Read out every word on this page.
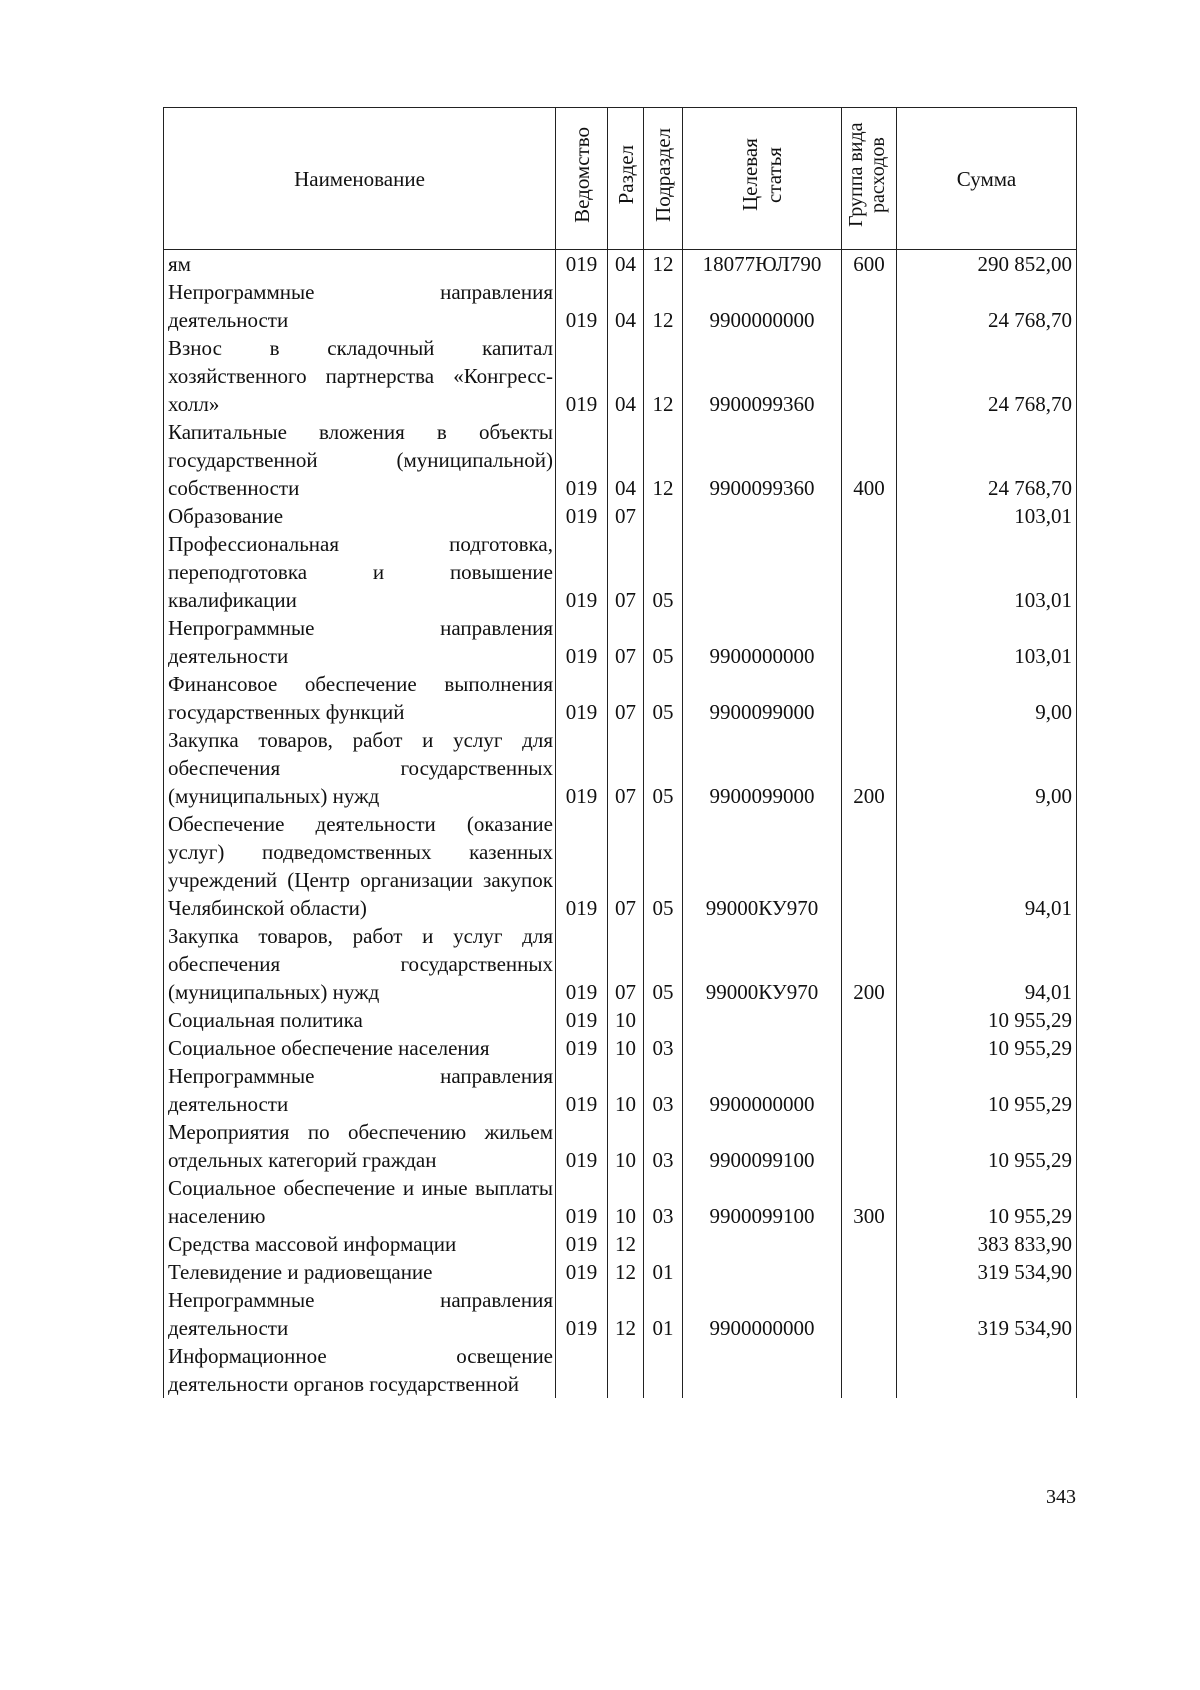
Наименование	Ведомство	Раздел	Подраздел	Целевая статья	Группа вида расходов	Сумма
ям	019	04	12	18077ЮЛ790	600	290 852,00
Непрограммные направления деятельности	019	04	12	9900000000		24 768,70
Взнос в складочный капитал хозяйственного партнерства «Конгресс-холл»	019	04	12	9900099360		24 768,70
Капитальные вложения в объекты государственной (муниципальной) собственности	019	04	12	9900099360	400	24 768,70
Образование	019	07				103,01
Профессиональная подготовка, переподготовка и повышение квалификации	019	07	05			103,01
Непрограммные направления деятельности	019	07	05	9900000000		103,01
Финансовое обеспечение выполнения государственных функций	019	07	05	9900099000		9,00
Закупка товаров, работ и услуг для обеспечения государственных (муниципальных) нужд	019	07	05	9900099000	200	9,00
Обеспечение деятельности (оказание услуг) подведомственных казенных учреждений (Центр организации закупок Челябинской области)	019	07	05	99000КУ970		94,01
Закупка товаров, работ и услуг для обеспечения государственных (муниципальных) нужд	019	07	05	99000КУ970	200	94,01
Социальная политика	019	10				10 955,29
Социальное обеспечение населения	019	10	03			10 955,29
Непрограммные направления деятельности	019	10	03	9900000000		10 955,29
Мероприятия по обеспечению жильем отдельных категорий граждан	019	10	03	9900099100		10 955,29
Социальное обеспечение и иные выплаты населению	019	10	03	9900099100	300	10 955,29
Средства массовой информации	019	12				383 833,90
Телевидение и радиовещание	019	12	01			319 534,90
Непрограммные направления деятельности	019	12	01	9900000000		319 534,90
Информационное освещение деятельности органов государственной						
343
